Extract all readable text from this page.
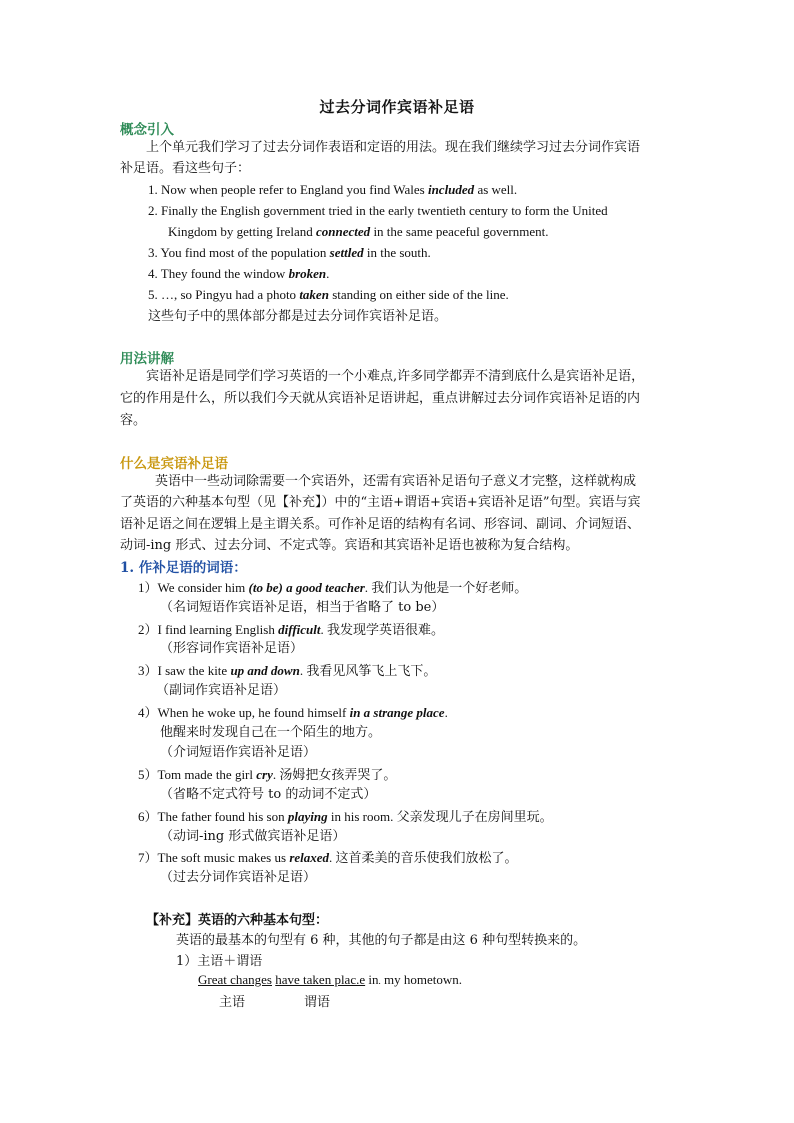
过去分词作宾语补足语
概念引入
上个单元我们学习了过去分词作表语和定语的用法。现在我们继续学习过去分词作宾语
补足语。看这些句子：
1. Now when people refer to England you find Wales included as well.
2. Finally the English government tried in the early twentieth century to form the United
Kingdom by getting Ireland connected in the same peaceful government.
3. You find most of the population settled in the south.
4. They found the window broken.
5. …, so Pingyu had a photo taken standing on either side of the line.
这些句子中的黑体部分都是过去分词作宾语补足语。
用法讲解
宾语补足语是同学们学习英语的一个小难点,许多同学都弄不清到底什么是宾语补足语，
它的作用是什么，所以我们今天就从宾语补足语讲起，重点讲解过去分词作宾语补足语的内
容。
什么是宾语补足语
英语中一些动词除需要一个宾语外，还需有宾语补足语句子意义才完整，这样就构成
了英语的六种基本句型（见【补充】）中的“主语+谓语+宾语+宾语补足语”句型。宾语与宾
语补足语之间在逻辑上是主谓关系。可作补足语的结构有名词、形容词、副词、介词短语、
动词-ing 形式、过去分词、不定式等。宾语和其宾语补足语也被称为复合结构。
1. 作补足语的词语：
1）We consider him (to be) a good teacher. 我们认为他是一个好老师。
（名词短语作宾语补足语，相当于省略了 to be）
2）I find learning English difficult. 我发现学英语很难。
（形容词作宾语补足语）
3）I saw the kite up and down. 我看见风筝飞上飞下。
（副词作宾语补足语）
4）When he woke up, he found himself in a strange place.
他醒来时发现自己在一个陌生的地方。
（介词短语作宾语补足语）
5）Tom made the girl cry. 汤姆把女孩弄哭了。
（省略不定式符号 to 的动词不定式）
6）The father found his son playing in his room. 父亲发现儿子在房间里玩。
（动词-ing 形式做宾语补足语）
7）The soft music makes us relaxed. 这首柔美的音乐使我们放松了。
（过去分词作宾语补足语）
【补充】英语的六种基本句型：
英语的最基本的句型有 6 种，其他的句子都是由这 6 种句型转换来的。
1）主语＋谓语
Great changes have taken plac.e in. my hometown.
主语	谓语
